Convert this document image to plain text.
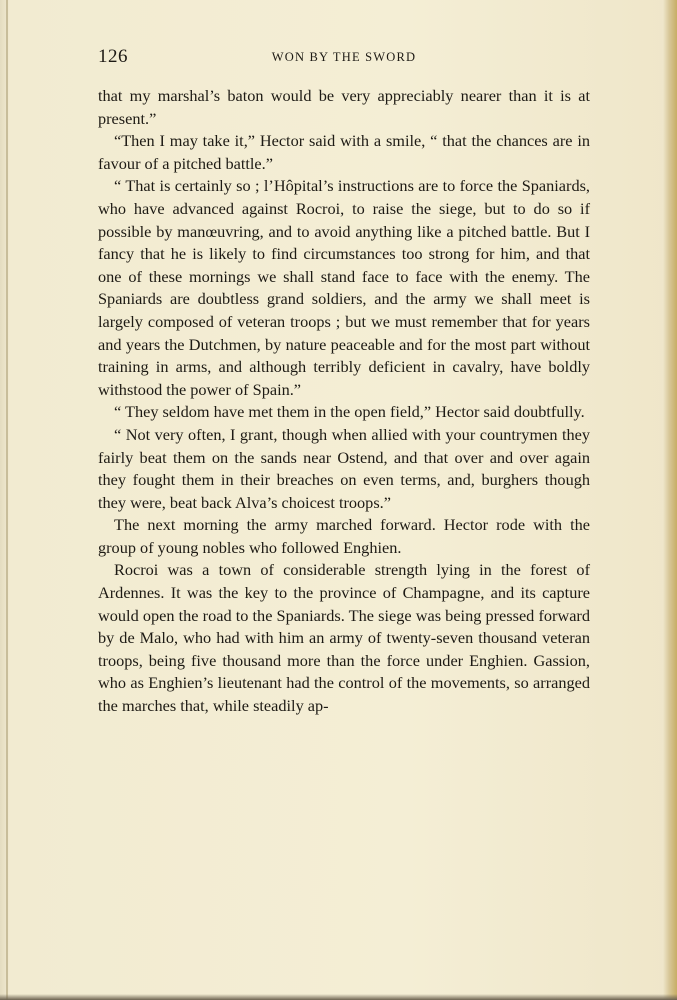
126	WON BY THE SWORD

that my marshal’s baton would be very appreciably nearer than it is at present.”

“Then I may take it,” Hector said with a smile, “ that the chances are in favour of a pitched battle.”

“ That is certainly so ; l’Hôpital’s instructions are to force the Spaniards, who have advanced against Rocroi, to raise the siege, but to do so if possible by manœuvring, and to avoid anything like a pitched battle. But I fancy that he is likely to find circumstances too strong for him, and that one of these mornings we shall stand face to face with the enemy. The Spaniards are doubtless grand soldiers, and the army we shall meet is largely composed of veteran troops ; but we must remember that for years and years the Dutchmen, by nature peaceable and for the most part without training in arms, and although terribly deficient in cavalry, have boldly withstood the power of Spain.”

“ They seldom have met them in the open field,” Hector said doubtfully.

“ Not very often, I grant, though when allied with your countrymen they fairly beat them on the sands near Ostend, and that over and over again they fought them in their breaches on even terms, and, burghers though they were, beat back Alva’s choicest troops.”

The next morning the army marched forward. Hector rode with the group of young nobles who followed Enghien.

Rocroi was a town of considerable strength lying in the forest of Ardennes. It was the key to the province of Champagne, and its capture would open the road to the Spaniards. The siege was being pressed forward by de Malo, who had with him an army of twenty-seven thousand veteran troops, being five thousand more than the force under Enghien. Gassion, who as Enghien’s lieutenant had the control of the movements, so arranged the marches that, while steadily ap-
